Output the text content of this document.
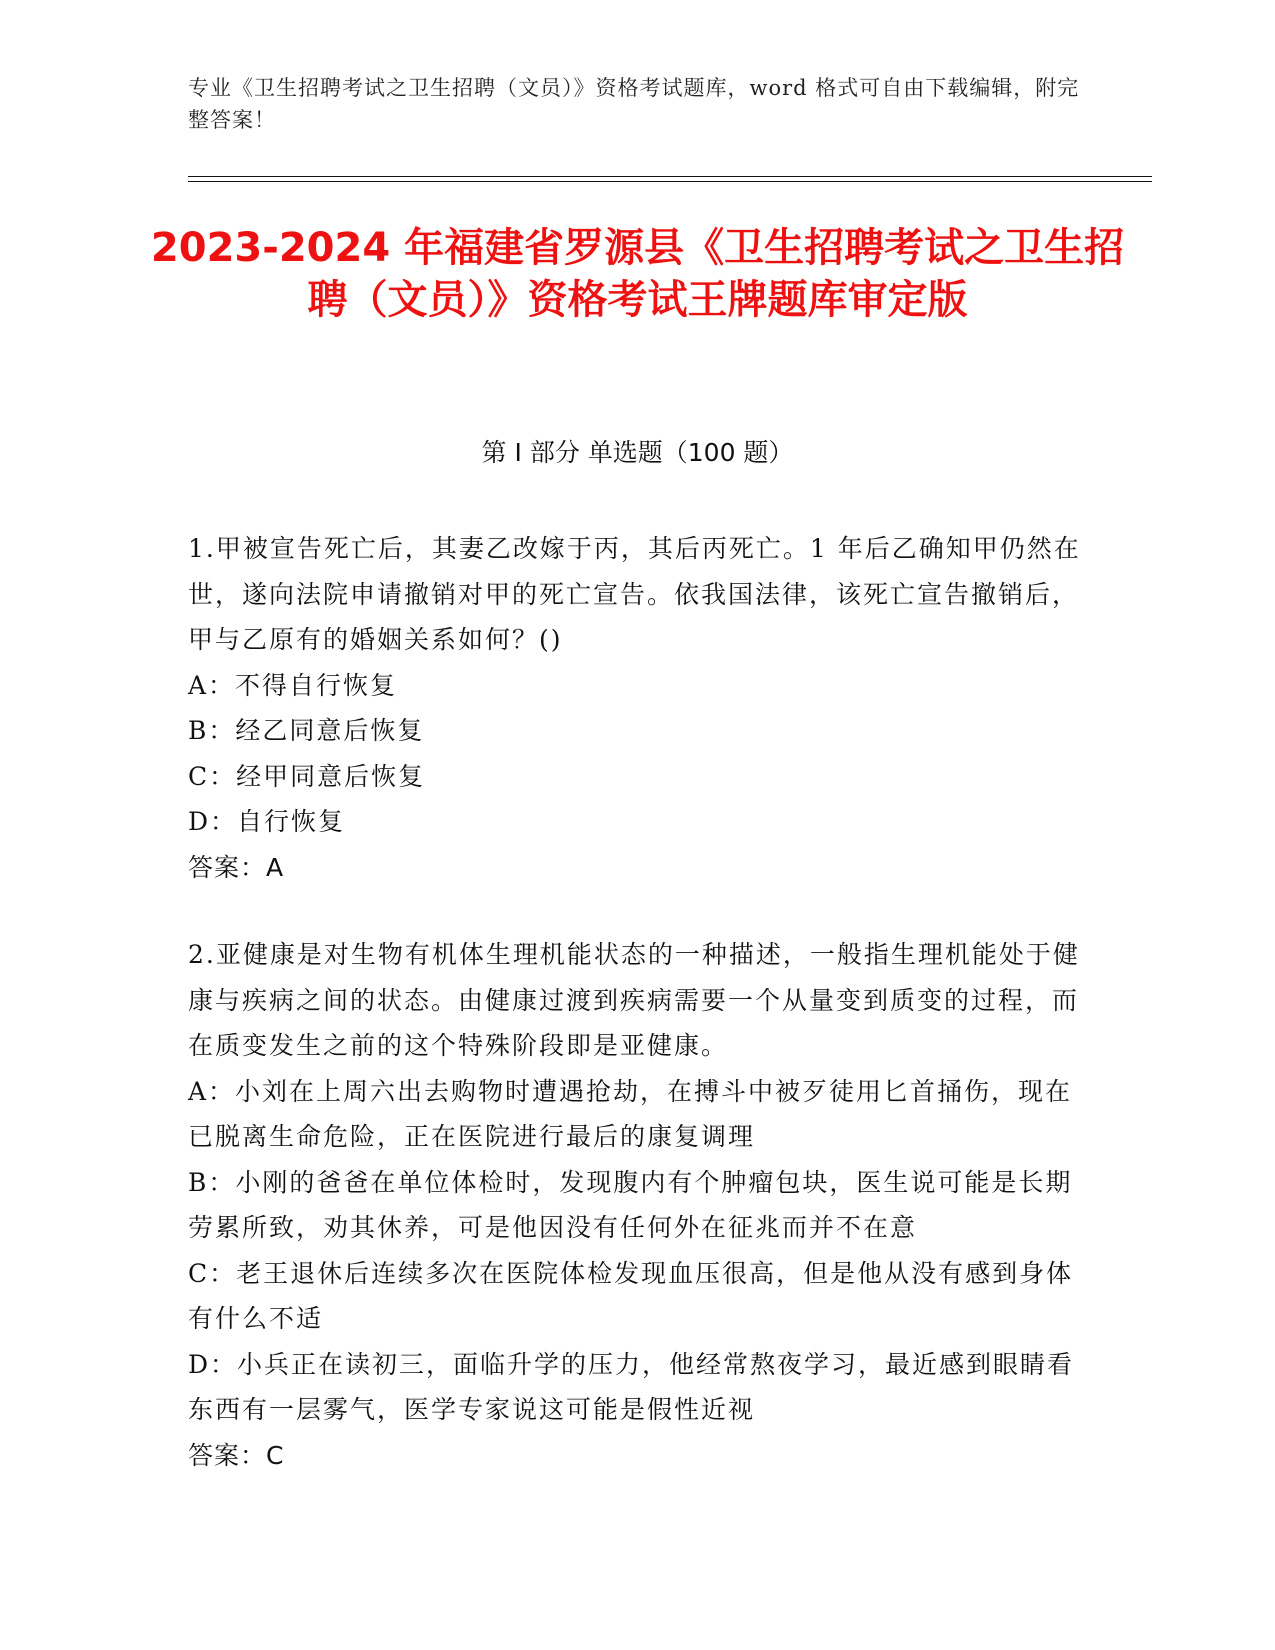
专业《卫生招聘考试之卫生招聘（文员）》资格考试题库，word 格式可自由下载编辑，附完整答案！
2023-2024 年福建省罗源县《卫生招聘考试之卫生招聘（文员）》资格考试王牌题库审定版
第 I 部分 单选题（100 题）
1.甲被宣告死亡后，其妻乙改嫁于丙，其后丙死亡。1 年后乙确知甲仍然在世，遂向法院申请撤销对甲的死亡宣告。依我国法律，该死亡宣告撤销后，甲与乙原有的婚姻关系如何？()
A：不得自行恢复
B：经乙同意后恢复
C：经甲同意后恢复
D：自行恢复
答案：A
2.亚健康是对生物有机体生理机能状态的一种描述，一般指生理机能处于健康与疾病之间的状态。由健康过渡到疾病需要一个从量变到质变的过程，而在质变发生之前的这个特殊阶段即是亚健康。
A：小刘在上周六出去购物时遭遇抢劫，在搏斗中被歹徒用匕首捅伤，现在已脱离生命危险，正在医院进行最后的康复调理
B：小刚的爸爸在单位体检时，发现腹内有个肿瘤包块，医生说可能是长期劳累所致，劝其休养，可是他因没有任何外在征兆而并不在意
C：老王退休后连续多次在医院体检发现血压很高，但是他从没有感到身体有什么不适
D：小兵正在读初三，面临升学的压力，他经常熬夜学习，最近感到眼睛看东西有一层雾气，医学专家说这可能是假性近视
答案：C
